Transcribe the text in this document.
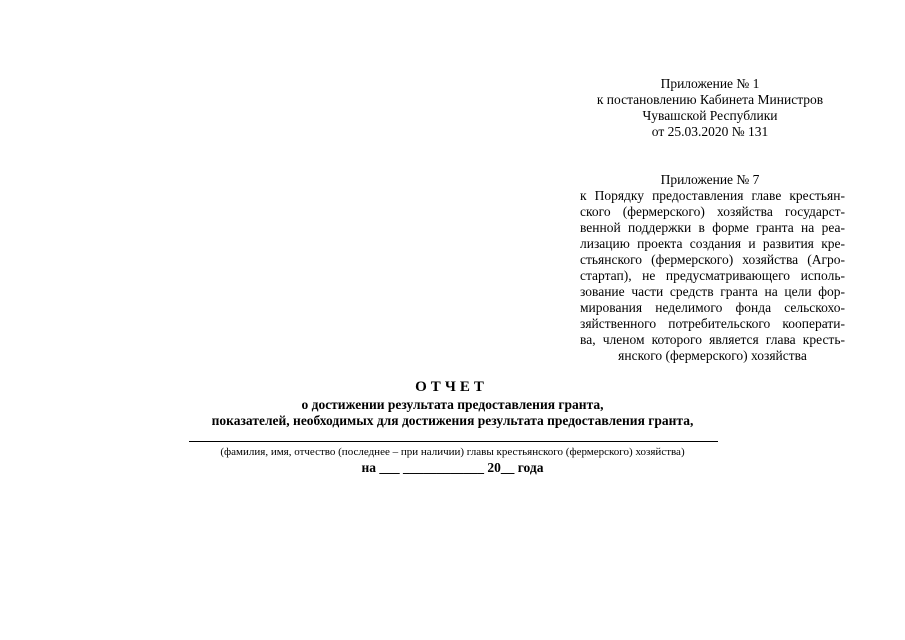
Приложение № 1
к постановлению Кабинета Министров
Чувашской Республики
от 25.03.2020 № 131
Приложение № 7
к Порядку предоставления главе крестьян-
ского (фермерского) хозяйства государст-
венной поддержки в форме гранта на реа-
лизацию проекта создания и развития кре-
стьянского (фермерского) хозяйства (Агро-
стартап), не предусматривающего исполь-
зование части средств гранта на цели фор-
мирования неделимого фонда сельскохо-
зяйственного потребительского кооперати-
ва, членом которого является глава кресть-
янского (фермерского) хозяйства
ОТЧЕТ
о достижении результата предоставления гранта,
показателей, необходимых для достижения результата предоставления гранта,
(фамилия, имя, отчество (последнее – при наличии) главы крестьянского (фермерского) хозяйства)
на ___ ____________ 20__ года
